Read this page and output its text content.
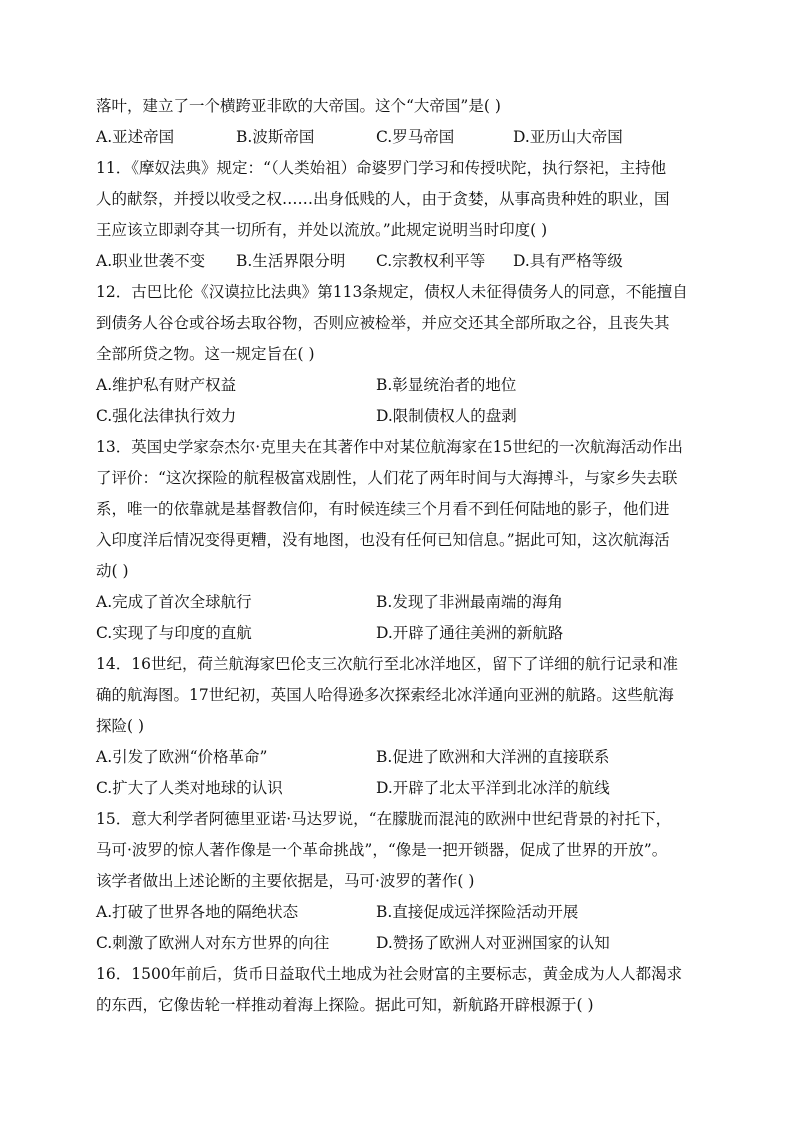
落叶，建立了一个横跨亚非欧的大帝国。这个“大帝国”是( )
A.亚述帝国	B.波斯帝国	C.罗马帝国	D.亚历山大帝国
11．《摩奴法典》规定：“（人类始祖）命婆罗门学习和传授吠陀，执行祭祀，主持他
人的献祭，并授以收受之权……出身低贱的人，由于贪婪，从事高贵种姓的职业，国
王应该立即剥夺其一切所有，并处以流放。”此规定说明当时印度( )
A.职业世袭不变 B.生活界限分明 C.宗教权利平等 D.具有严格等级
12．古巴比伦《汉谟拉比法典》第113条规定，债权人未征得债务人的同意，不能擅自
到债务人谷仓或谷场去取谷物，否则应被检举，并应交还其全部所取之谷，且丧失其
全部所贷之物。这一规定旨在( )
A.维护私有财产权益	B.彰显统治者的地位
C.强化法律执行效力	D.限制债权人的盘剥
13．英国史学家奈杰尔·克里夫在其著作中对某位航海家在15世纪的一次航海活动作出
了评价：“这次探险的航程极富戏剧性，人们花了两年时间与大海搏斗，与家乡失去联
系，唯一的依靠就是基督教信仰，有时候连续三个月看不到任何陆地的影子，他们进
入印度洋后情况变得更糟，没有地图，也没有任何已知信息。”据此可知，这次航海活
动( )
A.完成了首次全球航行	B.发现了非洲最南端的海角
C.实现了与印度的直航	D.开辟了通往美洲的新航路
14．16世纪，荷兰航海家巴伦支三次航行至北冰洋地区，留下了详细的航行记录和准
确的航海图。17世纪初，英国人哈得逊多次探索经北冰洋通向亚洲的航路。这些航海
探险( )
A.引发了欧洲“价格革命”	B.促进了欧洲和大洋洲的直接联系
C.扩大了人类对地球的认识	D.开辟了北太平洋到北冰洋的航线
15．意大利学者阿德里亚诺·马达罗说，“在朦胧而混沌的欧洲中世纪背景的衬托下，
马可·波罗的惊人著作像是一个革命挑战”，“像是一把开锁器，促成了世界的开放”。
该学者做出上述论断的主要依据是，马可·波罗的著作( )
A.打破了世界各地的隔绝状态	B.直接促成远洋探险活动开展
C.刺激了欧洲人对东方世界的向往	D.赞扬了欧洲人对亚洲国家的认知
16．1500年前后，货币日益取代土地成为社会财富的主要标志，黄金成为人人都渴求
的东西，它像齿轮一样推动着海上探险。据此可知，新航路开辟根源于( )
